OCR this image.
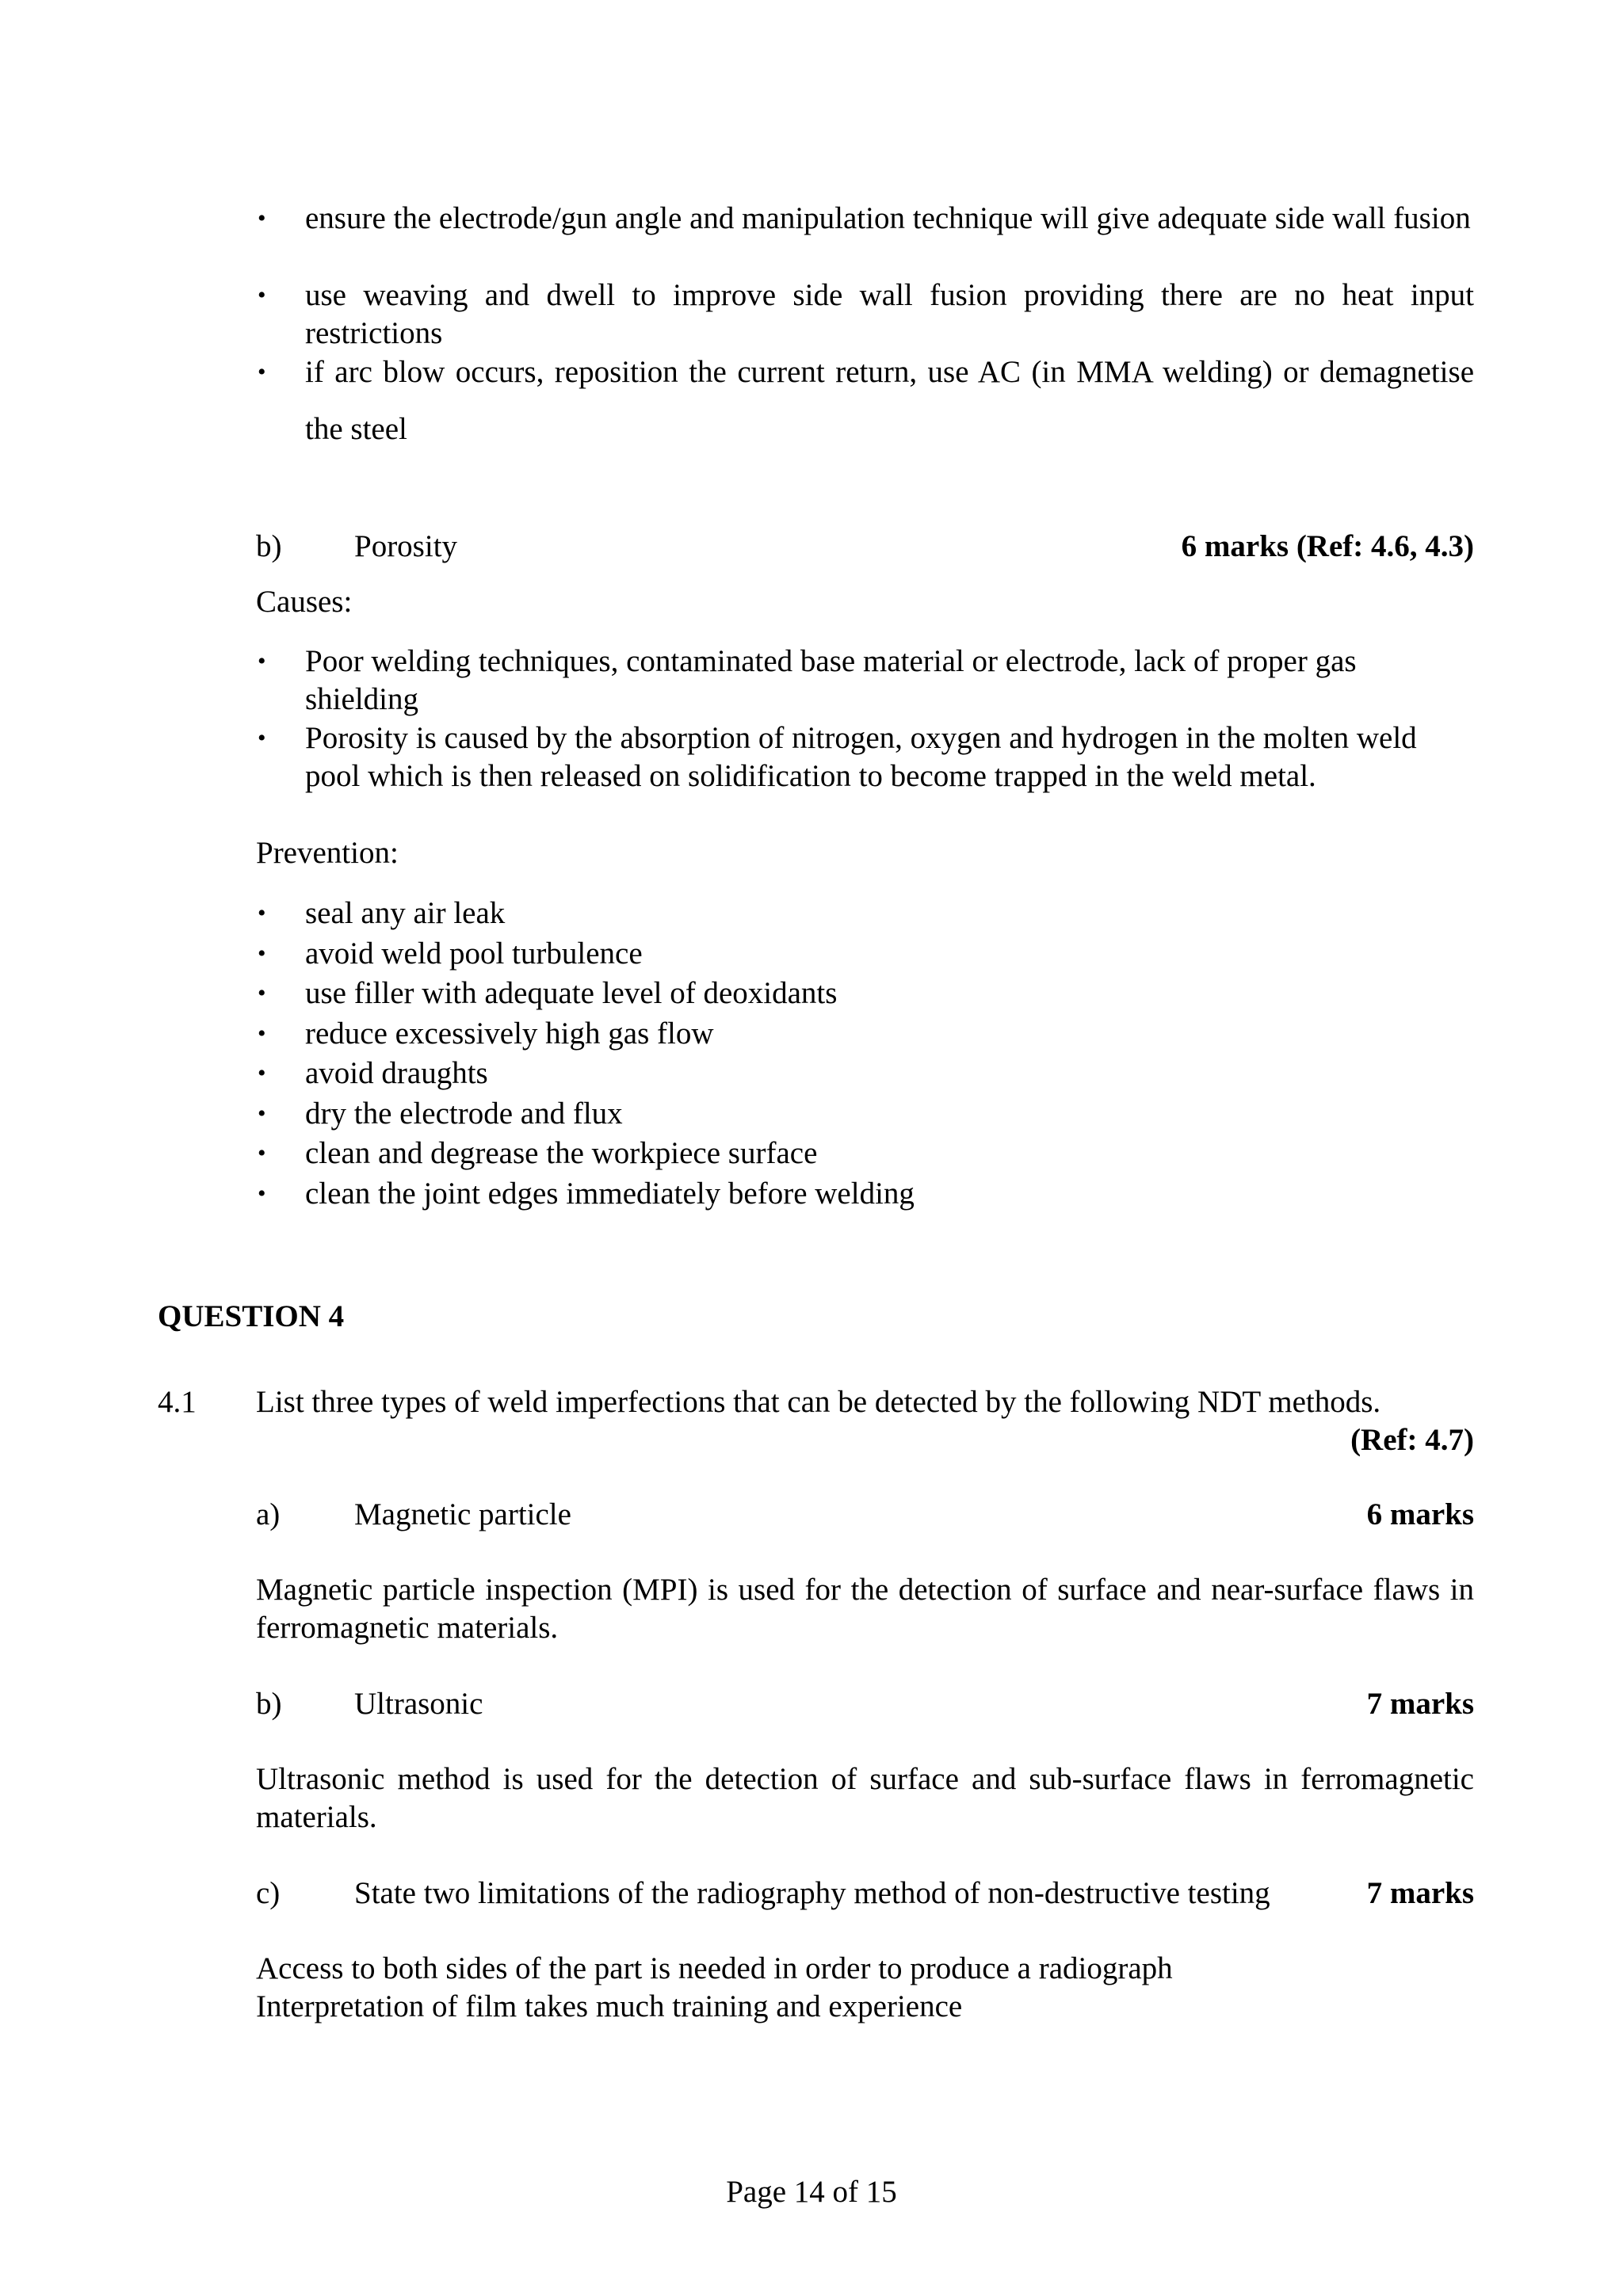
• ensure the electrode/gun angle and manipulation technique will give adequate side wall fusion
• use weaving and dwell to improve side wall fusion providing there are no heat input restrictions
• if arc blow occurs, reposition the current return, use AC (in MMA welding) or demagnetise the steel
b)	Porosity	6 marks (Ref: 4.6, 4.3)
Causes:
• Poor welding techniques, contaminated base material or electrode, lack of proper gas shielding
• Porosity is caused by the absorption of nitrogen, oxygen and hydrogen in the molten weld pool which is then released on solidification to become trapped in the weld metal.
Prevention:
• seal any air leak
• avoid weld pool turbulence
• use filler with adequate level of deoxidants
• reduce excessively high gas flow
• avoid draughts
• dry the electrode and flux
• clean and degrease the workpiece surface
• clean the joint edges immediately before welding
QUESTION 4
4.1 List three types of weld imperfections that can be detected by the following NDT methods.
(Ref: 4.7)
a)	Magnetic particle	6 marks
Magnetic particle inspection (MPI) is used for the detection of surface and near-surface flaws in ferromagnetic materials.
b)	Ultrasonic	7 marks
Ultrasonic method is used for the detection of surface and sub-surface flaws in ferromagnetic materials.
c)	State two limitations of the radiography method of non-destructive testing	7 marks
Access to both sides of the part is needed in order to produce a radiograph
Interpretation of film takes much training and experience
Page 14 of 15
